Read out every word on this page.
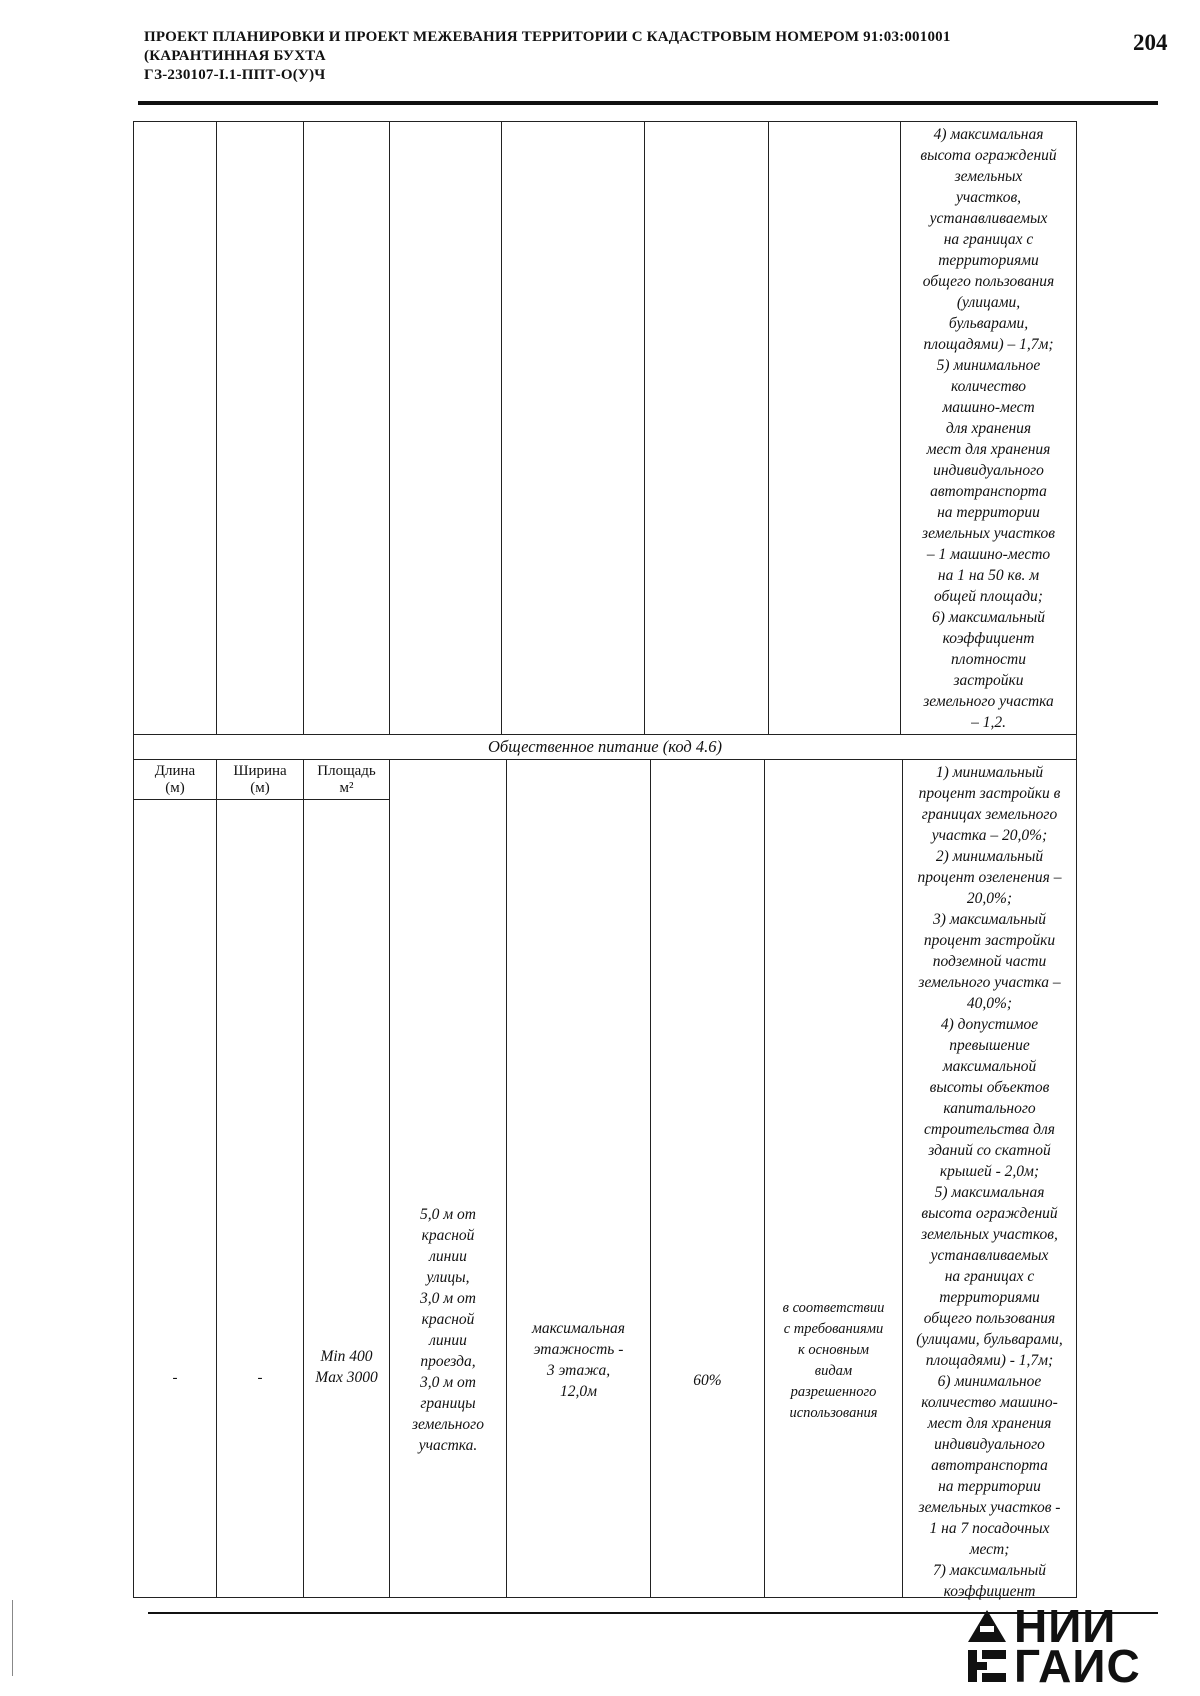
ПРОЕКТ ПЛАНИРОВКИ И ПРОЕКТ МЕЖЕВАНИЯ ТЕРРИТОРИИ С КАДАСТРОВЫМ НОМЕРОМ 91:03:001001
(КАРАНТИННАЯ БУХТА
ГЗ-230107-I.1-ППТ-О(У)Ч
204
4) максимальная
высота ограждений
земельных
участков,
устанавливаемых
на границах с
территориями
общего пользования
(улицами,
бульварами,
площадями) – 1,7м;
5) минимальное
количество
машино-мест
для хранения
мест для хранения
индивидуального
автотранспорта
на территории
земельных участков
– 1 машино-место
на 1 на 50 кв. м
общей площади;
6) максимальный
коэффициент
плотности
застройки
земельного участка
– 1,2.
Общественное питание (код 4.6)
Длина
(м)
Ширина
(м)
Площадь
м²
-	-
Min 400
Max 3000
5,0 м от
красной
линии
улицы,
3,0 м от
красной
линии
проезда,
3,0 м от
границы
земельного
участка.
максимальная
этажность -
3 этажа,
12,0м
60%
в соответствии
с требованиями
к основным
видам
разрешенного
использования
1) минимальный
процент застройки в
границах земельного
участка – 20,0%;
2) минимальный
процент озеленения –
20,0%;
3) максимальный
процент застройки
подземной части
земельного участка –
40,0%;
4) допустимое
превышение
максимальной
высоты объектов
капитального
строительства для
зданий со скатной
крышей - 2,0м;
5) максимальная
высота ограждений
земельных участков,
устанавливаемых
на границах с
территориями
общего пользования
(улицами, бульварами,
площадями) - 1,7м;
6) минимальное
количество машино-
мест для хранения
индивидуального
автотранспорта
на территории
земельных участков -
1 на 7 посадочных
мест;
7) максимальный
коэффициент
НИИ
ГАИС
